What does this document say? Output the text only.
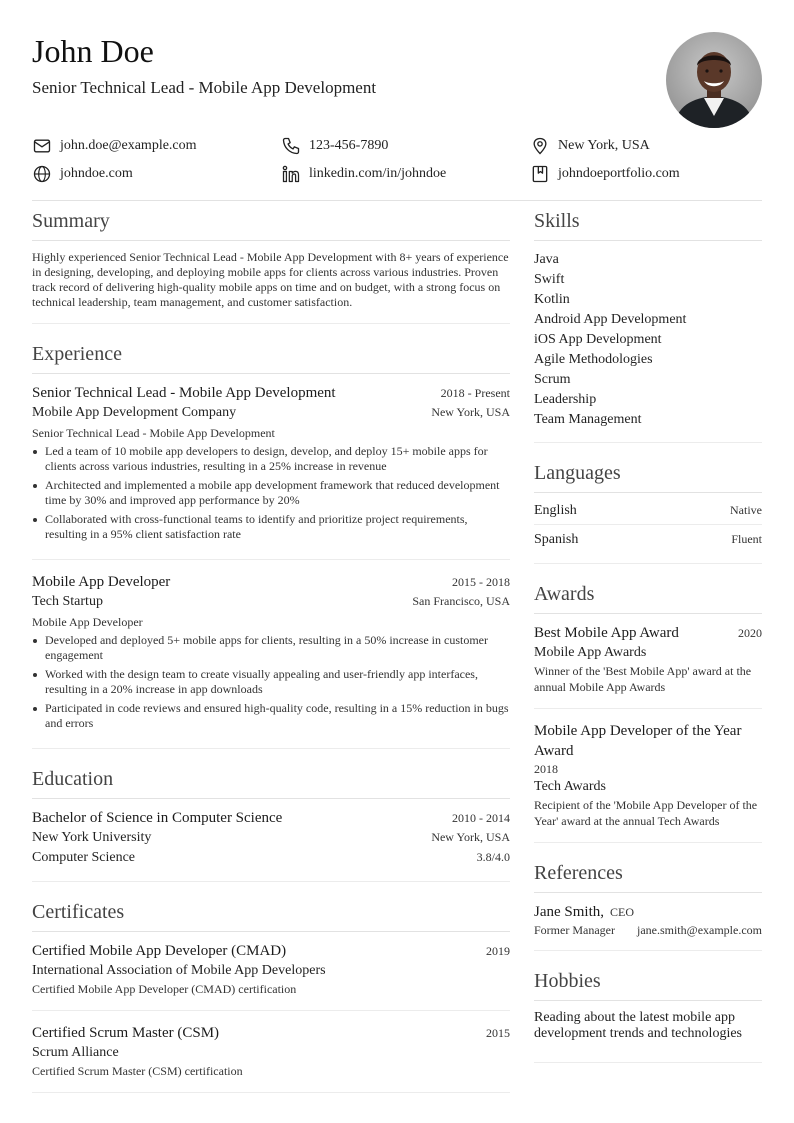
John Doe
Senior Technical Lead - Mobile App Development
john.doe@example.com	123-456-7890	New York, USA
johndoe.com	linkedin.com/in/johndoe	johndoeportfolio.com
Summary
Highly experienced Senior Technical Lead - Mobile App Development with 8+ years of experience in designing, developing, and deploying mobile apps for clients across various industries. Proven track record of delivering high-quality mobile apps on time and on budget, with a strong focus on technical leadership, team management, and customer satisfaction.
Experience
Senior Technical Lead - Mobile App Development	2018 - Present
Mobile App Development Company	New York, USA
Senior Technical Lead - Mobile App Development
Led a team of 10 mobile app developers to design, develop, and deploy 15+ mobile apps for clients across various industries, resulting in a 25% increase in revenue
Architected and implemented a mobile app development framework that reduced development time by 30% and improved app performance by 20%
Collaborated with cross-functional teams to identify and prioritize project requirements, resulting in a 95% client satisfaction rate
Mobile App Developer	2015 - 2018
Tech Startup	San Francisco, USA
Mobile App Developer
Developed and deployed 5+ mobile apps for clients, resulting in a 50% increase in customer engagement
Worked with the design team to create visually appealing and user-friendly app interfaces, resulting in a 20% increase in app downloads
Participated in code reviews and ensured high-quality code, resulting in a 15% reduction in bugs and errors
Education
Bachelor of Science in Computer Science	2010 - 2014
New York University	New York, USA
Computer Science	3.8/4.0
Certificates
Certified Mobile App Developer (CMAD)	2019
International Association of Mobile App Developers
Certified Mobile App Developer (CMAD) certification
Certified Scrum Master (CSM)	2015
Scrum Alliance
Certified Scrum Master (CSM) certification
Skills
Java
Swift
Kotlin
Android App Development
iOS App Development
Agile Methodologies
Scrum
Leadership
Team Management
Languages
English	Native
Spanish	Fluent
Awards
Best Mobile App Award	2020
Mobile App Awards
Winner of the 'Best Mobile App' award at the annual Mobile App Awards
Mobile App Developer of the Year Award
2018
Tech Awards
Recipient of the 'Mobile App Developer of the Year' award at the annual Tech Awards
References
Jane Smith, CEO
Former Manager jane.smith@example.com
Hobbies
Reading about the latest mobile app development trends and technologies
